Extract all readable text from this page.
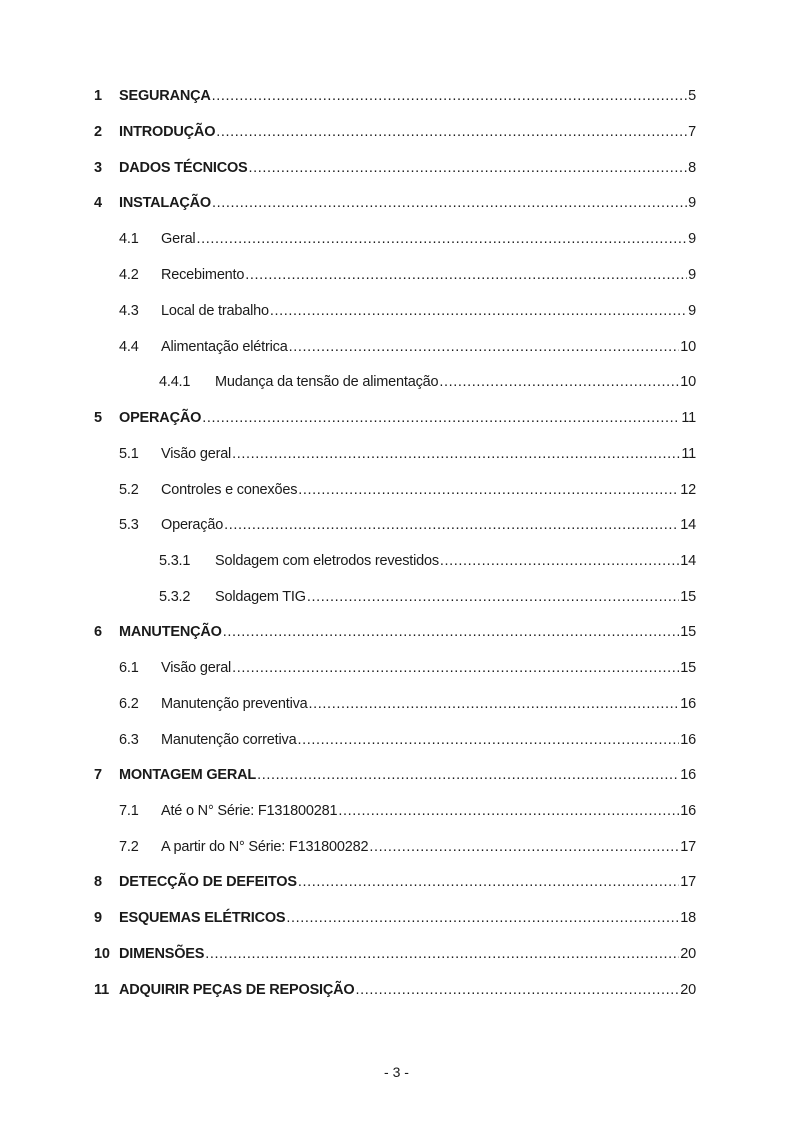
1	SEGURANÇA .....	5
2	INTRODUÇÃO .....	7
3	DADOS TÉCNICOS .....	8
4	INSTALAÇÃO .....	9
4.1	Geral .....	9
4.2	Recebimento .....	9
4.3	Local de trabalho .....	9
4.4	Alimentação elétrica .....	10
4.4.1	Mudança da tensão de alimentação .....	10
5	OPERAÇÃO .....	11
5.1	Visão geral .....	11
5.2	Controles e conexões .....	12
5.3	Operação .....	14
5.3.1	Soldagem com eletrodos revestidos .....	14
5.3.2	Soldagem TIG .....	15
6	MANUTENÇÃO .....	15
6.1	Visão geral .....	15
6.2	Manutenção preventiva .....	16
6.3	Manutenção corretiva .....	16
7	MONTAGEM GERAL .....	16
7.1	Até o N° Série: F131800281 .....	16
7.2	A partir do N° Série: F131800282 .....	17
8	DETECÇÃO DE DEFEITOS .....	17
9	ESQUEMAS ELÉTRICOS .....	18
10 DIMENSÕES .....	20
11 ADQUIRIR PEÇAS DE REPOSIÇÃO .....	20
- 3 -
